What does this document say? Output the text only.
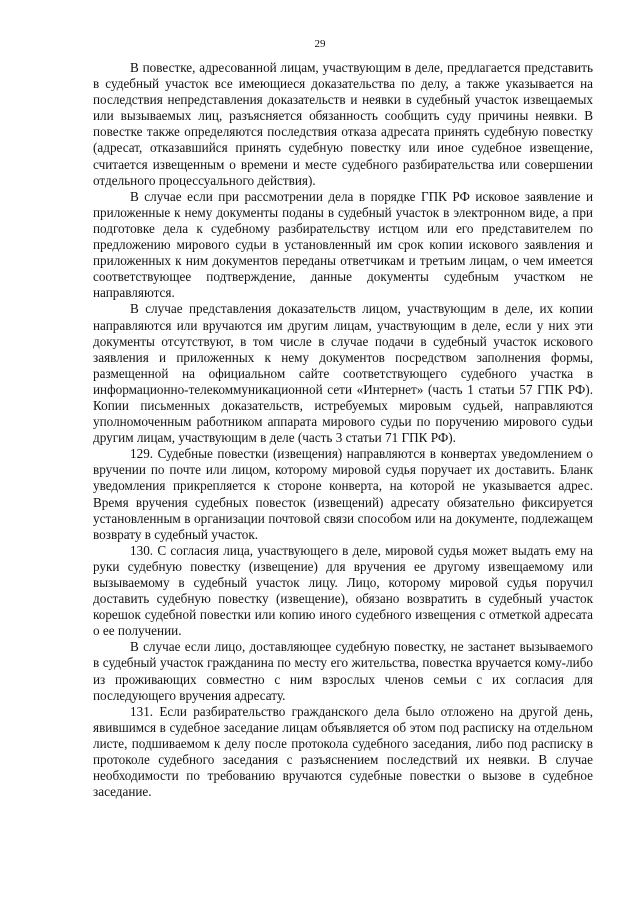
29

В повестке, адресованной лицам, участвующим в деле, предлагается представить в судебный участок все имеющиеся доказательства по делу, а также указывается на последствия непредставления доказательств и неявки в судебный участок извещаемых или вызываемых лиц, разъясняется обязанность сообщить суду причины неявки. В повестке также определяются последствия отказа адресата принять судебную повестку (адресат, отказавшийся принять судебную повестку или иное судебное извещение, считается извещенным о времени и месте судебного разбирательства или совершении отдельного процессуального действия).

В случае если при рассмотрении дела в порядке ГПК РФ исковое заявление и приложенные к нему документы поданы в судебный участок в электронном виде, а при подготовке дела к судебному разбирательству истцом или его представителем по предложению мирового судьи в установленный им срок копии искового заявления и приложенных к ним документов переданы ответчикам и третьим лицам, о чем имеется соответствующее подтверждение, данные документы судебным участком не направляются.

В случае представления доказательств лицом, участвующим в деле, их копии направляются или вручаются им другим лицам, участвующим в деле, если у них эти документы отсутствуют, в том числе в случае подачи в судебный участок искового заявления и приложенных к нему документов посредством заполнения формы, размещенной на официальном сайте соответствующего судебного участка в информационно-телекоммуникационной сети «Интернет» (часть 1 статьи 57 ГПК РФ). Копии письменных доказательств, истребуемых мировым судьей, направляются уполномоченным работником аппарата мирового судьи по поручению мирового судьи другим лицам, участвующим в деле (часть 3 статьи 71 ГПК РФ).

129. Судебные повестки (извещения) направляются в конвертах уведомлением о вручении по почте или лицом, которому мировой судья поручает их доставить. Бланк уведомления прикрепляется к стороне конверта, на которой не указывается адрес. Время вручения судебных повесток (извещений) адресату обязательно фиксируется установленным в организации почтовой связи способом или на документе, подлежащем возврату в судебный участок.

130. С согласия лица, участвующего в деле, мировой судья может выдать ему на руки судебную повестку (извещение) для вручения ее другому извещаемому или вызываемому в судебный участок лицу. Лицо, которому мировой судья поручил доставить судебную повестку (извещение), обязано возвратить в судебный участок корешок судебной повестки или копию иного судебного извещения с отметкой адресата о ее получении.

В случае если лицо, доставляющее судебную повестку, не застанет вызываемого в судебный участок гражданина по месту его жительства, повестка вручается кому-либо из проживающих совместно с ним взрослых членов семьи с их согласия для последующего вручения адресату.

131. Если разбирательство гражданского дела было отложено на другой день, явившимся в судебное заседание лицам объявляется об этом под расписку на отдельном листе, подшиваемом к делу после протокола судебного заседания, либо под расписку в протоколе судебного заседания с разъяснением последствий их неявки. В случае необходимости по требованию вручаются судебные повестки о вызове в судебное заседание.
